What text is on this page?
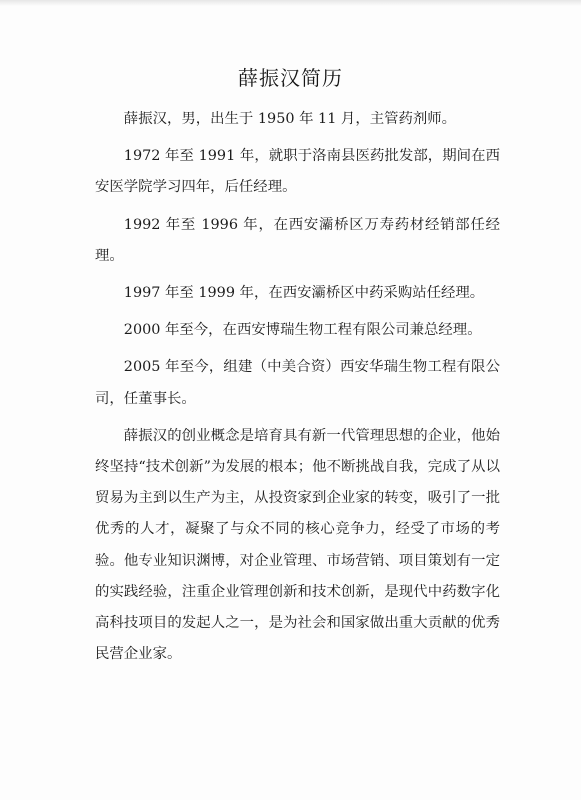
薛振汉简历

薛振汉，男，出生于 1950 年 11 月，主管药剂师。

1972 年至 1991 年，就职于洛南县医药批发部，期间在西安医学院学习四年，后任经理。

1992 年至 1996 年，在西安灞桥区万寿药材经销部任经理。

1997 年至 1999 年，在西安灞桥区中药采购站任经理。

2000 年至今，在西安博瑞生物工程有限公司兼总经理。

2005 年至今，组建（中美合资）西安华瑞生物工程有限公司，任董事长。

薛振汉的创业概念是培育具有新一代管理思想的企业，他始终坚持“技术创新”为发展的根本；他不断挑战自我，完成了从以贸易为主到以生产为主，从投资家到企业家的转变，吸引了一批优秀的人才，凝聚了与众不同的核心竞争力，经受了市场的考验。他专业知识渊博，对企业管理、市场营销、项目策划有一定的实践经验，注重企业管理创新和技术创新，是现代中药数字化高科技项目的发起人之一，是为社会和国家做出重大贡献的优秀民营企业家。
